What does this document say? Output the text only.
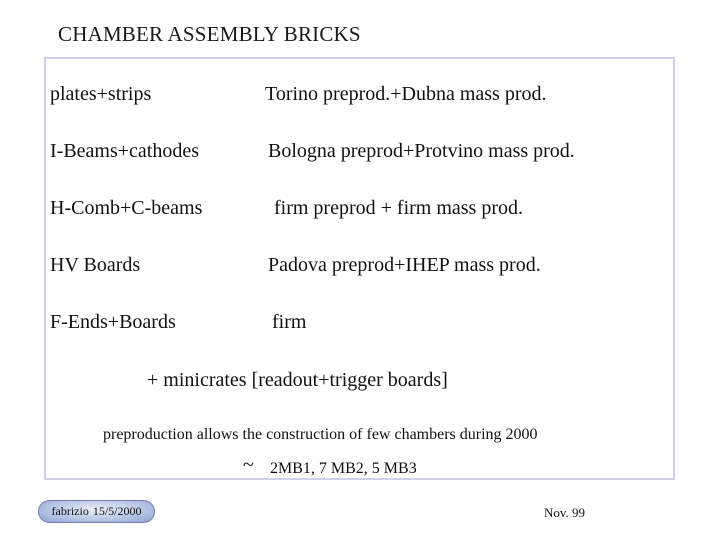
CHAMBER ASSEMBLY BRICKS
plates+strips	Torino preprod.+Dubna mass prod.
I-Beams+cathodes	Bologna preprod+Protvino mass prod.
H-Comb+C-beams	firm preprod + firm mass prod.
HV Boards	Padova preprod+IHEP mass prod.
F-Ends+Boards	firm
+ minicrates [readout+trigger boards]
preproduction allows the construction of few chambers during 2000
~ 2MB1, 7 MB2, 5 MB3
fabrizio 15/5/2000	Nov. 99
